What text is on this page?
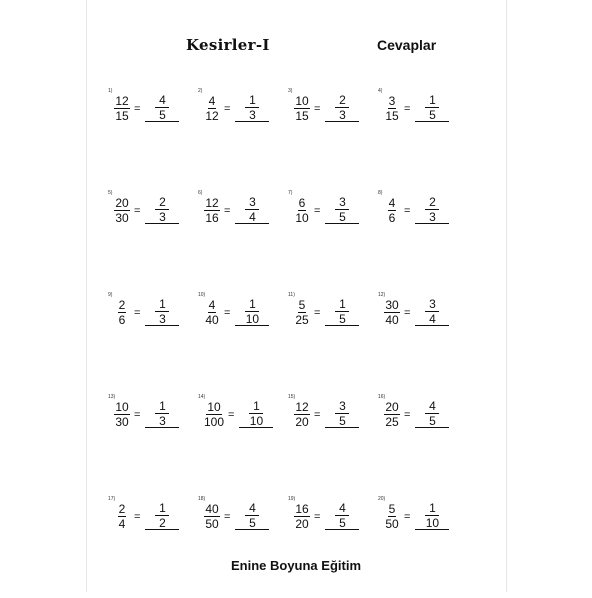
Kesirler-I	Cevaplar
1)
$\frac{12}{15} = \frac{4}{5}$
2)
$\frac{4}{12} = \frac{1}{3}$
3)
$\frac{10}{15} = \frac{2}{3}$
4)
$\frac{3}{15} = \frac{1}{5}$
5)
$\frac{20}{30} = \frac{2}{3}$
6)
$\frac{12}{16} = \frac{3}{4}$
7)
$\frac{6}{10} = \frac{3}{5}$
8)
$\frac{4}{6} = \frac{2}{3}$
9)
$\frac{2}{6} = \frac{1}{3}$
10)
$\frac{4}{40} = \frac{1}{10}$
11)
$\frac{5}{25} = \frac{1}{5}$
12)
$\frac{30}{40} = \frac{3}{4}$
13)
$\frac{10}{30} = \frac{1}{3}$
14)
$\frac{10}{100} = \frac{1}{10}$
15)
$\frac{12}{20} = \frac{3}{5}$
16)
$\frac{20}{25} = \frac{4}{5}$
17)
$\frac{2}{4} = \frac{1}{2}$
18)
$\frac{40}{50} = \frac{4}{5}$
19)
$\frac{16}{20} = \frac{4}{5}$
20)
$\frac{5}{50} = \frac{1}{10}$
Enine Boyuna Eğitim
